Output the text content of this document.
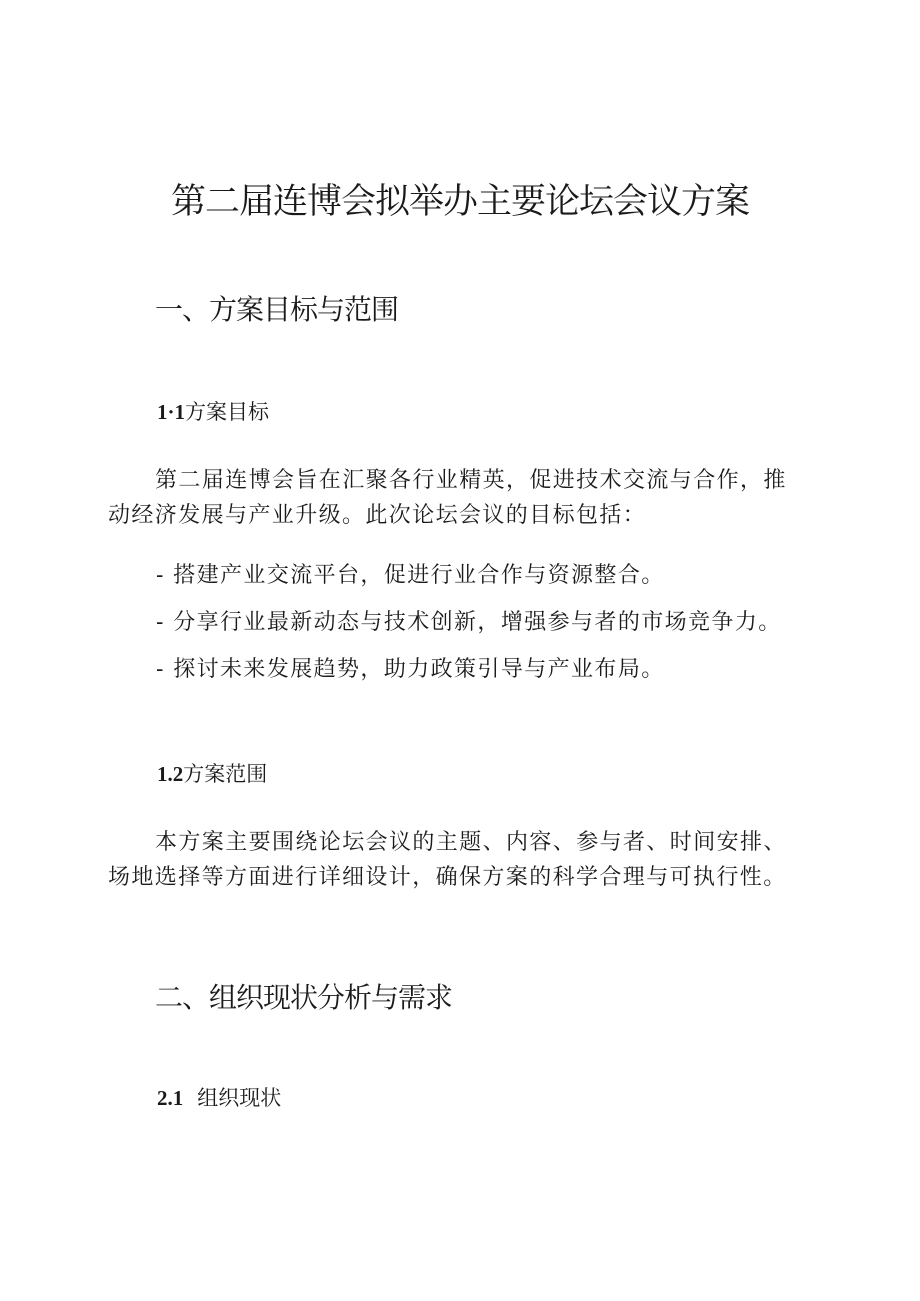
第二届连博会拟举办主要论坛会议方案
一、方案目标与范围
1·1方案目标

第二届连博会旨在汇聚各行业精英，促进技术交流与合作，推动经济发展与产业升级。此次论坛会议的目标包括：

- 搭建产业交流平台，促进行业合作与资源整合。

- 分享行业最新动态与技术创新，增强参与者的市场竞争力。

- 探讨未来发展趋势，助力政策引导与产业布局。

1.2方案范围

本方案主要围绕论坛会议的主题、内容、参与者、时间安排、场地选择等方面进行详细设计，确保方案的科学合理与可执行性。

二、组织现状分析与需求
2.1 组织现状
